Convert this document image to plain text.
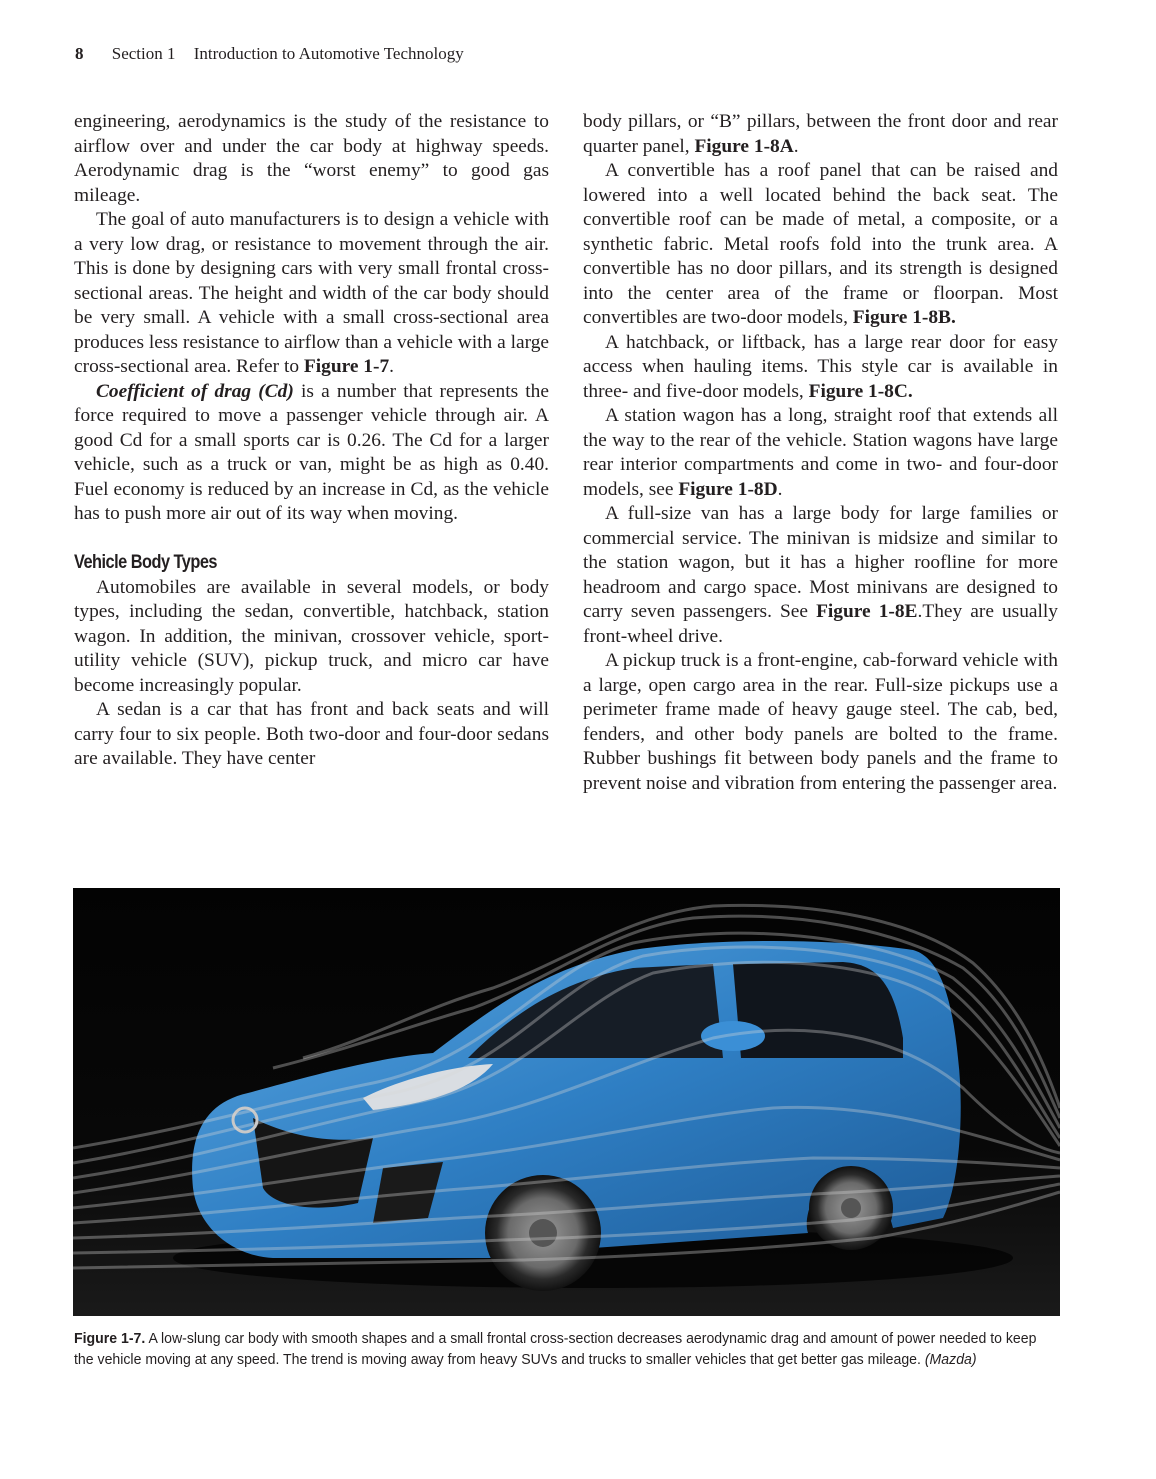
8 Section 1 Introduction to Automotive Technology

engineering, aerodynamics is the study of the resistance to airflow over and under the car body at highway speeds. Aerodynamic drag is the “worst enemy” to good gas mileage.

The goal of auto manufacturers is to design a vehicle with a very low drag, or resistance to movement through the air. This is done by designing cars with very small frontal cross-sectional areas. The height and width of the car body should be very small. A vehicle with a small cross-sectional area produces less resistance to airflow than a vehicle with a large cross-sectional area. Refer to Figure 1-7.

Coefficient of drag (Cd) is a number that represents the force required to move a passenger vehicle through air. A good Cd for a small sports car is 0.26. The Cd for a larger vehicle, such as a truck or van, might be as high as 0.40. Fuel economy is reduced by an increase in Cd, as the vehicle has to push more air out of its way when moving.

Vehicle Body Types

Automobiles are available in several models, or body types, including the sedan, convertible, hatchback, station wagon. In addition, the minivan, crossover vehicle, sport-utility vehicle (SUV), pickup truck, and micro car have become increasingly popular.

A sedan is a car that has front and back seats and will carry four to six people. Both two-door and four-door sedans are available. They have center

body pillars, or “B” pillars, between the front door and rear quarter panel, Figure 1-8A.

A convertible has a roof panel that can be raised and lowered into a well located behind the back seat. The convertible roof can be made of metal, a composite, or a synthetic fabric. Metal roofs fold into the trunk area. A convertible has no door pillars, and its strength is designed into the center area of the frame or floorpan. Most convertibles are two-door models, Figure 1-8B.

A hatchback, or liftback, has a large rear door for easy access when hauling items. This style car is available in three- and five-door models, Figure 1-8C.

A station wagon has a long, straight roof that extends all the way to the rear of the vehicle. Station wagons have large rear interior compartments and come in two- and four-door models, see Figure 1-8D.

A full-size van has a large body for large families or commercial service. The minivan is midsize and similar to the station wagon, but it has a higher roofline for more headroom and cargo space. Most minivans are designed to carry seven passengers. See Figure 1-8E.They are usually front-wheel drive.

A pickup truck is a front-engine, cab-forward vehicle with a large, open cargo area in the rear. Full-size pickups use a perimeter frame made of heavy gauge steel. The cab, bed, fenders, and other body panels are bolted to the frame. Rubber bushings fit between body panels and the frame to prevent noise and vibration from entering the passenger area.

Figure 1-7. A low-slung car body with smooth shapes and a small frontal cross-section decreases aerodynamic drag and amount of power needed to keep the vehicle moving at any speed. The trend is moving away from heavy SUVs and trucks to smaller vehicles that get better gas mileage. (Mazda)
